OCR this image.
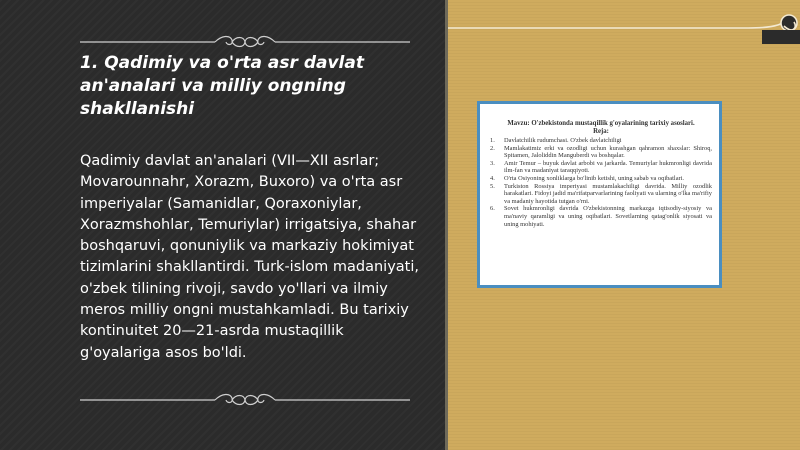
1. Qadimiy va o'rta asr davlat an'analari va milliy ongning shakllanishi
Qadimiy davlat an'analari (VII—XII asrlar; Movarounnahr, Xorazm, Buxoro) va o'rta asr imperiyalar (Samanidlar, Qoraxoniylar, Xorazmshohlar, Temuriylar) irrigatsiya, shahar boshqaruvi, qonuniylik va markaziy hokimiyat tizimlarini shakllantirdi. Turk-islom madaniyati, o'zbek tilining rivoji, savdo yo'llari va ilmiy meros milliy ongni mustahkamladi. Bu tarixiy kontinuitet 20—21-asrda mustaqillik g'oyalariga asos bo'ldi.
Mavzu: O'zbekistonda mustaqillik g'oyalarining tarixiy asoslari.
Reja:
1. Davlatchilik rudumchasi. O'zbek davlatchiligi
2. Mamlakatimiz erki va ozodligi uchun kurashgan qahramon shaxslar: Shiroq, Spitamen, Jaloliddin Manguberdi va boshqalar.
3. Amir Temur – buyuk davlat arbobi va jarkarda. Temuriylar hukmronligi davrida ilm-fan va madaniyat taraqqiyoti.
4. O'rta Osiyoning xonliklarga bo'linib ketishi, uning sabab va oqibatlari.
5. Turkiston Rossiya imperiyasi mustamlakachiligi davrida. Milliy ozodlik harakatlari. Fidoyi jadid ma'rifatparvarlarining faoliyati va ularning o'lka ma'rifiy va madaniy hayotida tutgan o'rni.
6. Sovet hukmronligi davrida O'zbekistonning markazga iqtisodiy-siyosiy va ma'naviy qaramligi va uning oqibatlari. Sovetlarning qatag'onlik siyosati va uning mohiyati.
